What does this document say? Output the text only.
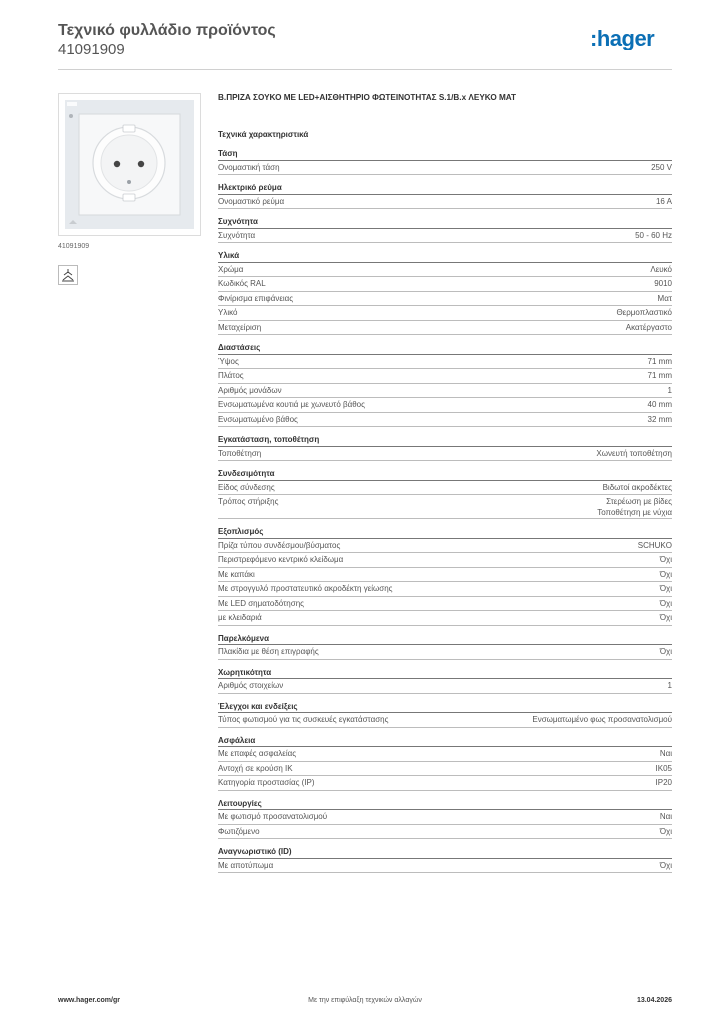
Τεχνικό φυλλάδιο προϊόντος
41091909	:hager
41091909
Β.ΠΡΙΖΑ ΣΟΥΚΟ ΜΕ LED+ΑΙΣΘΗΤΗΡΙΟ ΦΩΤΕΙΝΟΤΗΤΑΣ S.1/B.x ΛΕΥΚΟ ΜΑΤ
Τεχνικά χαρακτηριστικά
Τάση
Ονομαστική τάση	250 V
Ηλεκτρικό ρεύμα
Ονομαστικό ρεύμα	16 A
Συχνότητα
Συχνότητα	50 - 60 Hz
Υλικά
Χρώμα	Λευκό
Κωδικός RAL	9010
Φινίρισμα επιφάνειας	Ματ
Υλικό	Θερμοπλαστικό
Μεταχείριση	Ακατέργαστο
Διαστάσεις
Ύψος	71 mm
Πλάτος	71 mm
Αριθμός μονάδων	1
Ενσωματωμένα κουτιά με χωνευτό βάθος	40 mm
Ενσωματωμένο βάθος	32 mm
Εγκατάσταση, τοποθέτηση
Τοποθέτηση	Χωνευτή τοποθέτηση
Συνδεσιμότητα
Είδος σύνδεσης	Βιδωτοί ακροδέκτες
Τρόπος στήριξης	Στερέωση με βίδες
Τοποθέτηση με νύχια
Εξοπλισμός
Πρίζα τύπου συνδέσμου/βύσματος	SCHUKO
Περιστρεφόμενο κεντρικό κλείδωμα	Όχι
Με καπάκι	Όχι
Με στρογγυλό προστατευτικό ακροδέκτη γείωσης	Όχι
Με LED σηματοδότησης	Όχι
με κλειδαριά	Όχι
Παρελκόμενα
Πλακίδια με θέση επιγραφής	Όχι
Χωρητικότητα
Αριθμός στοιχείων	1
Έλεγχοι και ενδείξεις
Τύπος φωτισμού για τις συσκευές εγκατάστασης	Ενσωματωμένο φως προσανατολισμού
Ασφάλεια
Με επαφές ασφαλείας	Ναι
Αντοχή σε κρούση IK	IK05
Κατηγορία προστασίας (IP)	IP20
Λειτουργίες
Με φωτισμό προσανατολισμού	Ναι
Φωτιζόμενο	Όχι
Αναγνωριστικό (ID)
Με αποτύπωμα	Όχι
www.hager.com/gr	Με την επιφύλαξη τεχνικών αλλαγών	13.04.2026
